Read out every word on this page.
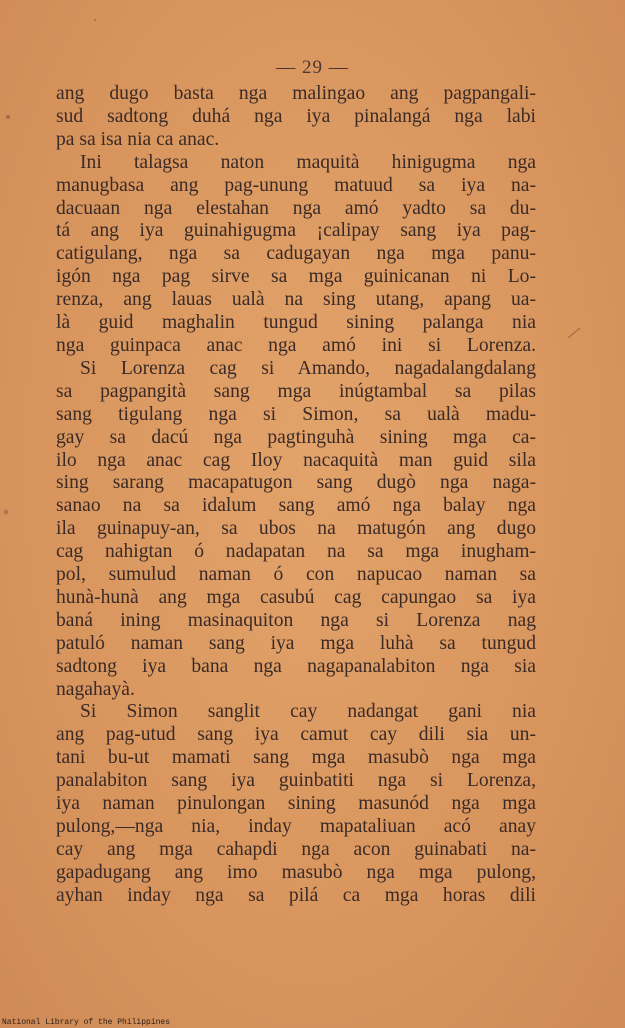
— 29 —
ang dugo basta nga malingao ang pagpangali-
sud sadtong duhá nga iya pinalangá nga labi
pa sa isa nia ca anac.
Ini talagsa naton maquità hinigugma nga
manugbasa ang pag-unung matuud sa iya na-
dacuaan nga elestahan nga amó yadto sa du-
tá ang iya guinahigugma ¡calipay sang iya pag-
catigulang, nga sa cadugayan nga mga panu-
igón nga pag sirve sa mga guinicanan ni Lo-
renza, ang lauas ualà na sing utang, apang ua-
là guid maghalin tungud sining palanga nia
nga guinpaca anac nga amó ini si Lorenza.
Si Lorenza cag si Amando, nagadalangdalang
sa pagpangità sang mga inúgtambal sa pilas
sang tigulang nga si Simon, sa ualà madu-
gay sa dacú nga pagtinguhà sining mga ca-
ilo nga anac cag Iloy nacaquità man guid sila
sing sarang macapatugon sang dugò nga naga-
sanao na sa idalum sang amó nga balay nga
ila guinapuy-an, sa ubos na matugón ang dugo
cag nahigtan ó nadapatan na sa mga inugham-
pol, sumulud naman ó con napucao naman sa
hunà-hunà ang mga casubú cag capungao sa iya
baná ining masinaquiton nga si Lorenza nag
patuló naman sang iya mga luhà sa tungud
sadtong iya bana nga nagapanalabiton nga sia
nagahayà.
Si Simon sanglit cay nadangat gani nia
ang pag-utud sang iya camut cay dili sia un-
tani bu-ut mamati sang mga masubò nga mga
panalabiton sang iya guinbatiti nga si Lorenza,
iya naman pinulongan sining masunód nga mga
pulong,—nga nia, inday mapataliuan acó anay
cay ang mga cahapdi nga acon guinabati na-
gapadugang ang imo masubò nga mga pulong,
ayhan inday nga sa pilá ca mga horas dili
National Library of the Philippines
